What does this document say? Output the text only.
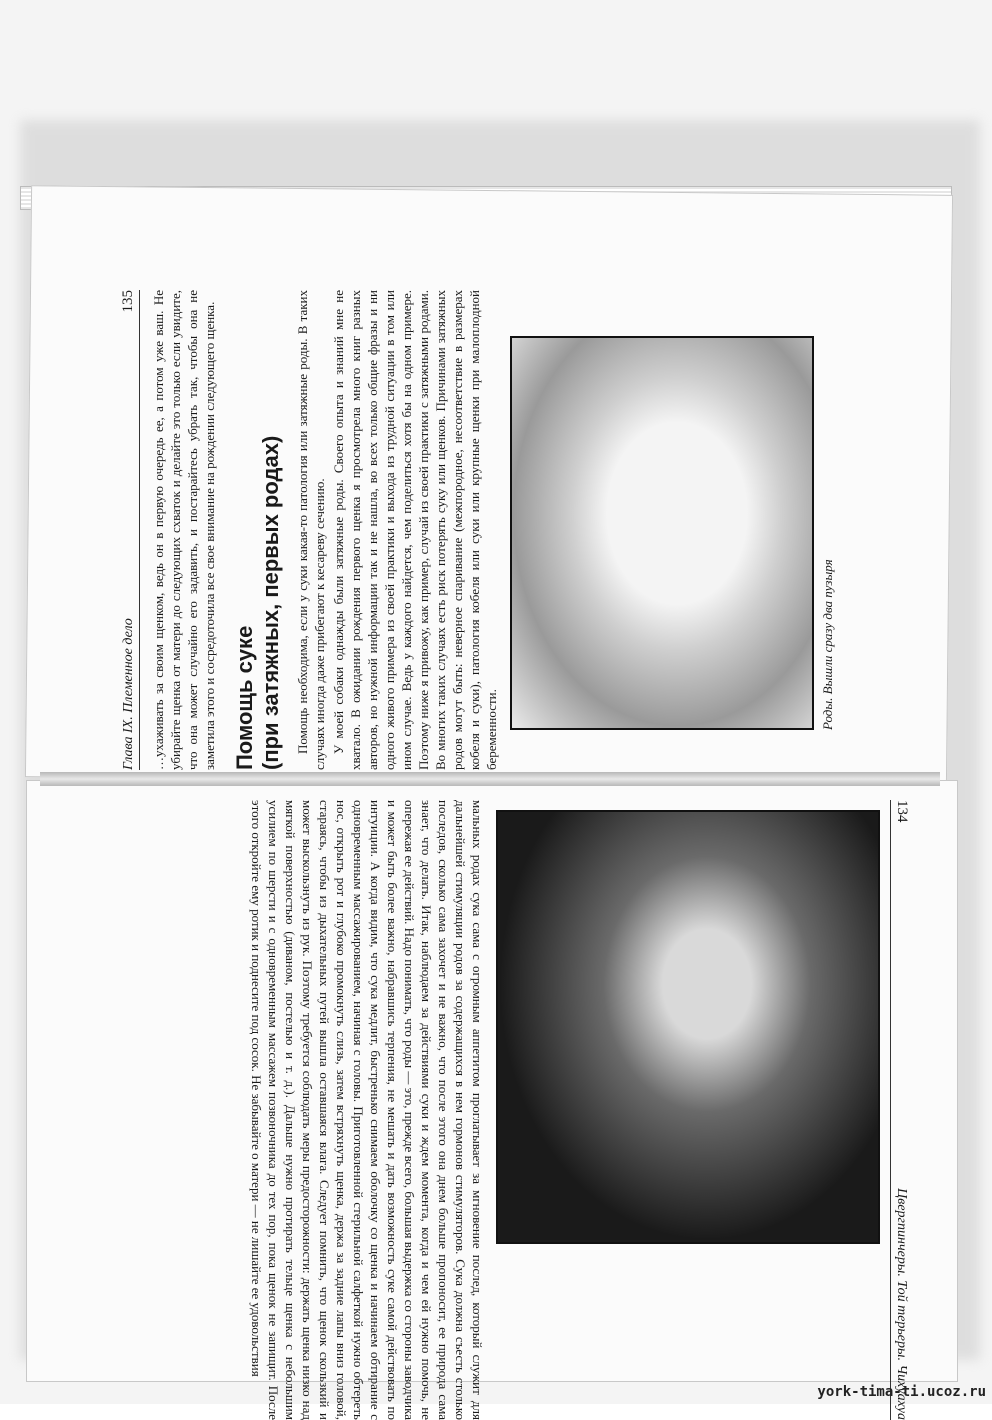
Глава IX. Племенное дело
135 …ухаживать за своим щенком, ведь он в первую очередь ее, а потом уже ваш. Не убирайте щенка от матери до следующих схваток и делайте это только если увидите, что она может случайно его задавить, и постарайтесь убрать так, чтобы она не заметила этого и сосредоточила все свое внимание на рождении следующего щенка. Помощь суке (при затяжных, первых родах) Помощь необходима, если у суки какая-то патология или затяжные роды. В таких случаях иногда даже прибегают к кесареву сечению. У моей собаки однажды были затяжные роды. Своего опыта и знаний мне не хватало. В ожидании рождения первого щенка я просмотрела много книг разных авторов, но нужной информации так и не нашла, во всех только общие фразы и ни одного живого примера из своей практики и выхода из трудной ситуации в том или ином случае. Ведь у каждого найдется, чем поделиться хотя бы на одном примере. Поэтому ниже я привожу, как пример, случай из своей практики с затяжными родами. Во многих таких случаях есть риск потерять суку или щенков. Причинами затяжных родов могут быть: неверное спаривание (межпородное, несоответствие в размерах кобеля и суки), патология кобеля или суки или крупные щенки при малоплодной беременности.	Роды. Вышли сразу два пузыря
134
Цвергпинчеры. Той терьеры. Чихуахуа

мальных родах сука сама с огромным аппетитом проглатывает за мгновение послед, который служит для дальнейшей стимуляции родов за содержащихся в нем гормонов стимуляторов. Сука должна съесть столько последов, сколько сама захочет и не важно, что после этого она днем больше пропоносит, ее природа сама знает, что делать. Итак, наблюдаем за действиями суки и ждем момента, когда и чем ей нужно помочь, не опережая ее действий. Надо понимать, что роды — это, прежде всего, большая выдержка со стороны заводчика и может быть более важно, набравшись терпения, не мешать и дать возможность суке самой действовать по интуиции. А когда видим, что сука медлит, быстренько снимаем оболочку со щенка и начинаем обтирание с одновременным массажированием, начиная с головы. Приготовленной стерильной салфеткой нужно обтереть нос, открыть рот и глубоко промокнуть слизь, затем встряхнуть щенка, держа за задние лапы вниз головой, стараясь, чтобы из дыхательных путей вышла оставшаяся влага. Следует помнить, что щенок скользкий и может выскользнуть из рук. Поэтому требуется соблюдать меры предосторожности: держать щенка низко над мягкой поверхностью (диваном, постелью и т. д.). Дальше нужно протирать тельце щенка с небольшим усилием по шерсти и с одновременным массажем позвоночника до тех пор, пока щенок не запищит. После этого откройте ему ротик и поднесите под сосок. Не забывайте о матери — не лишайте ее удовольствия

york-tima-ti.ucoz.ru
